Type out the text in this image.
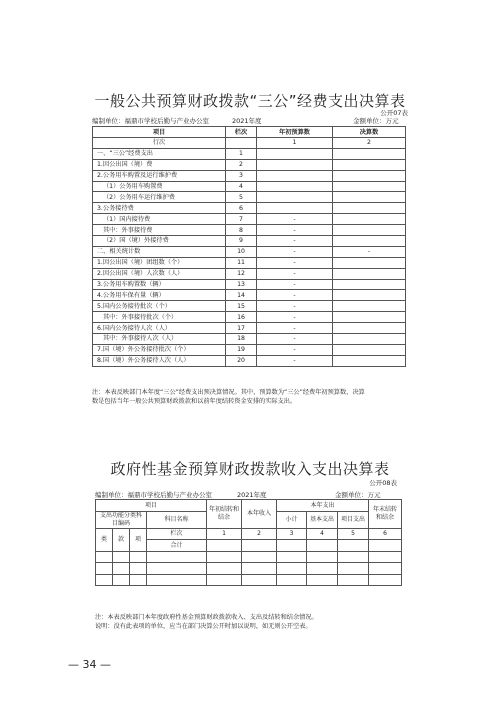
一般公共预算财政拨款“三公”经费支出决算表
公开07表
编制单位：福鼎市学校后勤与产业办公室	2021年度	金额单位：万元
项目	栏次	年初预算数	决算数
行次		1	2
一、“三公”经费支出	1		
1.因公出国（境）费	2		
2.公务用车购置及运行维护费	3		
（1）公务用车购置费	4		
（2）公务用车运行维护费	5		
3.公务接待费	6		
（1）国内接待费	7	-	
其中：外事接待费	8	-	
（2）国（境）外接待费	9	-	
二、相关统计数	10	-	-
1.因公出国（境）团组数（个）	11	-	
2.因公出国（境）人次数（人）	12	-	
3.公务用车购置数（辆）	13	-	
4.公务用车保有量（辆）	14	-	
5.国内公务接待批次（个）	15	-	
其中：外事接待批次（个）	16	-	
6.国内公务接待人次（人）	17	-	
其中：外事接待人次（人）	18	-	
7.国（境）外公务接待批次（个）	19	-	
8.国（境）外公务接待人次（人）	20	-	
注：本表反映部门本年度“三公”经费支出预决算情况。其中，预算数为“三公”经费年初预算数，决算
数是包括当年一般公共预算财政拨款和以前年度结转资金安排的实际支出。
政府性基金预算财政拨款收入支出决算表
公开08表
编制单位：福鼎市学校后勤与产业办公室	2021年度	金额单位：万元
项目				年初结转和结余	本年收入	本年支出			年末结转和结余
支出功能分类科目编码			科目名称			小计	基本支出	项目支出	

类	款	项	栏次	1	2	3	4	5	6
			合计						

注：本表反映部门本年度政府性基金预算财政拨款收入、支出及结转和结余情况。
说明：没有此表项的单位，应当在部门决算公开时加以说明，如无则公开空表。
— 34 —
